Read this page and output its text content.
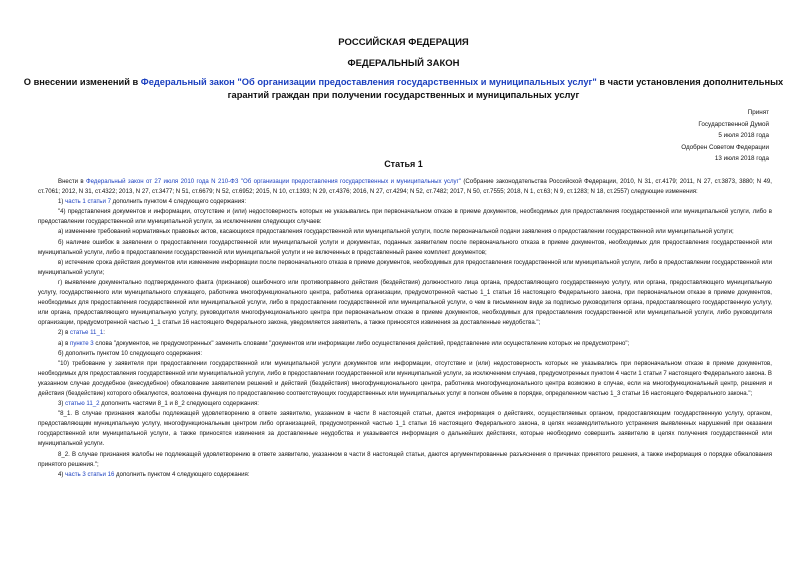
РОССИЙСКАЯ ФЕДЕРАЦИЯ
ФЕДЕРАЛЬНЫЙ ЗАКОН
О внесении изменений в Федеральный закон "Об организации предоставления государственных и муниципальных услуг" в части установления дополнительных гарантий граждан при получении государственных и муниципальных услуг
Принят
Государственной Думой
5 июля 2018 года
Одобрен Советом Федерации
13 июля 2018 года
Статья 1

Внести в Федеральный закон от 27 июля 2010 года N 210-ФЗ "Об организации предоставления государственных и муниципальных услуг" (Собрание законодательства Российской Федерации, 2010, N 31, ст.4179; 2011, N 27, ст.3873, 3880; N 49, ст.7061; 2012, N 31, ст.4322; 2013, N 27, ст.3477; N 51, ст.6679; N 52, ст.6952; 2015, N 10, ст.1393; N 29, ст.4376; 2016, N 27, ст.4294; N 52, ст.7482; 2017, N 50, ст.7555; 2018, N 1, ст.63; N 9, ст.1283; N 18, ст.2557) следующие изменения:

1) часть 1 статьи 7 дополнить пунктом 4 следующего содержания:

"4) представления документов и информации, отсутствие и (или) недостоверность которых не указывались при первоначальном отказе в приеме документов, необходимых для предоставления государственной или муниципальной услуги, либо в предоставлении государственной или муниципальной услуги, за исключением следующих случаев:

а) изменение требований нормативных правовых актов, касающихся предоставления государственной или муниципальной услуги, после первоначальной подачи заявления о предоставлении государственной или муниципальной услуги;

б) наличие ошибок в заявлении о предоставлении государственной или муниципальной услуги и документах, поданных заявителем после первоначального отказа в приеме документов, необходимых для предоставления государственной или муниципальной услуги, либо в предоставлении государственной или муниципальной услуги и не включенных в представленный ранее комплект документов;

в) истечение срока действия документов или изменение информации после первоначального отказа в приеме документов, необходимых для предоставления государственной или муниципальной услуги, либо в предоставлении государственной или муниципальной услуги;

г) выявление документально подтвержденного факта (признаков) ошибочного или противоправного действия (бездействия) должностного лица органа, предоставляющего государственную услугу, или органа, предоставляющего муниципальную услугу, государственного или муниципального служащего, работника многофункционального центра, работника организации, предусмотренной частью 1_1 статьи 16 настоящего Федерального закона, при первоначальном отказе в приеме документов, необходимых для предоставления государственной или муниципальной услуги, либо в предоставлении государственной или муниципальной услуги, о чем в письменном виде за подписью руководителя органа, предоставляющего государственную услугу, или органа, предоставляющего муниципальную услугу, руководителя многофункционального центра при первоначальном отказе в приеме документов, необходимых для предоставления государственной или муниципальной услуги, либо руководителя организации, предусмотренной частью 1_1 статьи 16 настоящего Федерального закона, уведомляется заявитель, а также приносятся извинения за доставленные неудобства.";

2) в статье 11_1:

а) в пункте 3 слова "документов, не предусмотренных" заменить словами "документов или информации либо осуществления действий, представление или осуществление которых не предусмотрено";

б) дополнить пунктом 10 следующего содержания:

"10) требование у заявителя при предоставлении государственной или муниципальной услуги документов или информации, отсутствие и (или) недостоверность которых не указывались при первоначальном отказе в приеме документов, необходимых для предоставления государственной или муниципальной услуги, либо в предоставлении государственной или муниципальной услуги, за исключением случаев, предусмотренных пунктом 4 части 1 статьи 7 настоящего Федерального закона. В указанном случае досудебное (внесудебное) обжалование заявителем решений и действий (бездействия) многофункционального центра, работника многофункционального центра возможно в случае, если на многофункциональный центр, решения и действия (бездействие) которого обжалуются, возложена функция по предоставлению соответствующих государственных или муниципальных услуг в полном объеме в порядке, определенном частью 1_3 статьи 16 настоящего Федерального закона.";

3) статью 11_2 дополнить частями 8_1 и 8_2 следующего содержания:

"8_1. В случае признания жалобы подлежащей удовлетворению в ответе заявителю, указанном в части 8 настоящей статьи, дается информация о действиях, осуществляемых органом, предоставляющим государственную услугу, органом, предоставляющим муниципальную услугу, многофункциональным центром либо организацией, предусмотренной частью 1_1 статьи 16 настоящего Федерального закона, в целях незамедлительного устранения выявленных нарушений при оказании государственной или муниципальной услуги, а также приносятся извинения за доставленные неудобства и указывается информация о дальнейших действиях, которые необходимо совершить заявителю в целях получения государственной или муниципальной услуги.

8_2. В случае признания жалобы не подлежащей удовлетворению в ответе заявителю, указанном в части 8 настоящей статьи, даются аргументированные разъяснения о причинах принятого решения, а также информация о порядке обжалования принятого решения.";

4) часть 3 статьи 16 дополнить пунктом 4 следующего содержания:
